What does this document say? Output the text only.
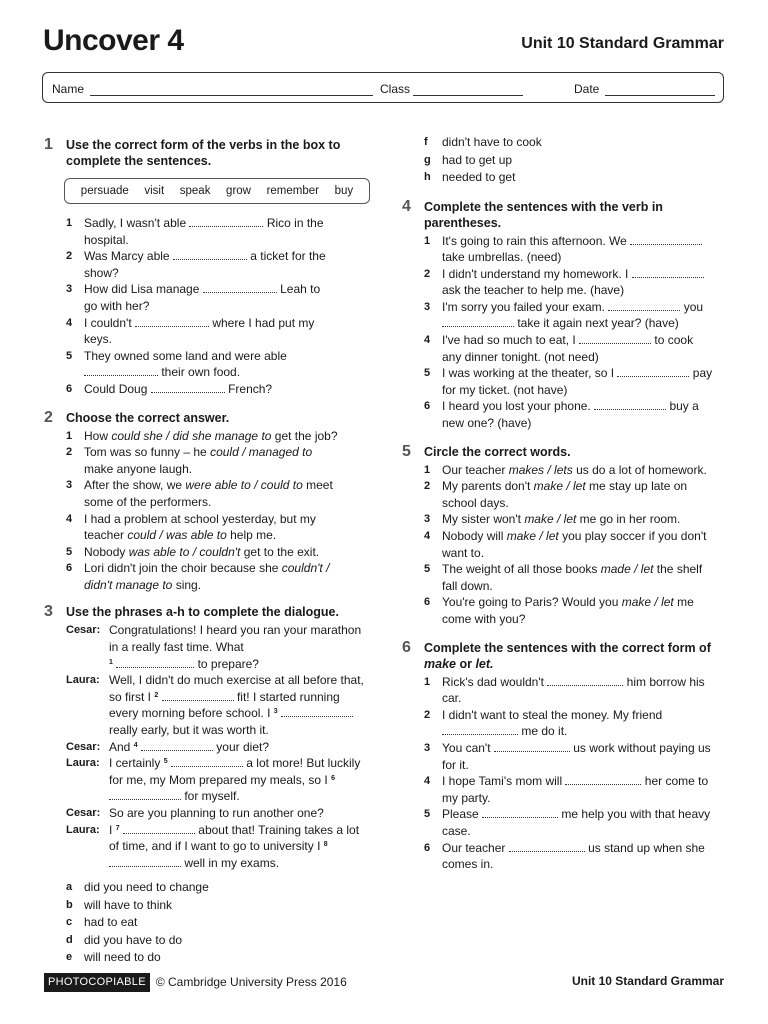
Uncover 4	Unit 10 Standard Grammar
Name	Class	Date
1 Use the correct form of the verbs in the box to complete the sentences.
persuade visit speak grow remember buy
1 Sadly, I wasn't able	Rico in the hospital.
2 Was Marcy able	a ticket for the show?
3 How did Lisa manage	Leah to go with her?
4 I couldn't	where I had put my keys.
5 They owned some land and were able  their own food.
6 Could Doug	French?
2 Choose the correct answer.
1 How could she / did she manage to get the job?
2 Tom was so funny – he could / managed to make anyone laugh.
3 After the show, we were able to / could to meet some of the performers.
4 I had a problem at school yesterday, but my teacher could / was able to help me.
5 Nobody was able to / couldn't get to the exit.
6 Lori didn't join the choir because she couldn't / didn't manage to sing.
3 Use the phrases a-h to complete the dialogue.
Cesar: Congratulations! I heard you ran your marathon in a really fast time. What
$^1$	to prepare?
Laura: Well, I didn't do much exercise at all before that, so first I $^2$	fit! I started running every morning before school. I $^3$  really early, but it was worth it.
Cesar: And $^4$	your diet?
Laura: I certainly $^5$	a lot more! But luckily for me, my Mom prepared my meals, so I $^6$  for myself.
Cesar: So are you planning to run another one?
Laura: I $^7$	about that! Training takes a lot of time, and if I want to go to university I $^8$  well in my exams.
a did you need to change
b will have to think
c had to eat
d did you have to do
e will need to do
f didn't have to cook
g had to get up
h needed to get
4 Complete the sentences with the verb in parentheses.
1 It's going to rain this afternoon. We  take umbrellas. (need)
2 I didn't understand my homework. I  ask the teacher to help me. (have)
3 I'm sorry you failed your exam.	you  take it again next year? (have)
4 I've had so much to eat, I	to cook any dinner tonight. (not need)
5 I was working at the theater, so I	pay for my ticket. (not have)
6 I heard you lost your phone.	buy a new one? (have)
5 Circle the correct words.
1 Our teacher makes / lets us do a lot of homework.
2 My parents don't make / let me stay up late on school days.
3 My sister won't make / let me go in her room.
4 Nobody will make / let you play soccer if you don't want to.
5 The weight of all those books made / let the shelf fall down.
6 You're going to Paris? Would you make / let me come with you?
6 Complete the sentences with the correct form of make or let.
1 Rick's dad wouldn't	him borrow his car.
2 I didn't want to steal the money. My friend  me do it.
3 You can't	us work without paying us for it.
4 I hope Tami's mom will	her come to my party.
5 Please	me help you with that heavy case.
6 Our teacher	us stand up when she comes in.
PHOTOCOPIABLE © Cambridge University Press 2016	Unit 10 Standard Grammar
